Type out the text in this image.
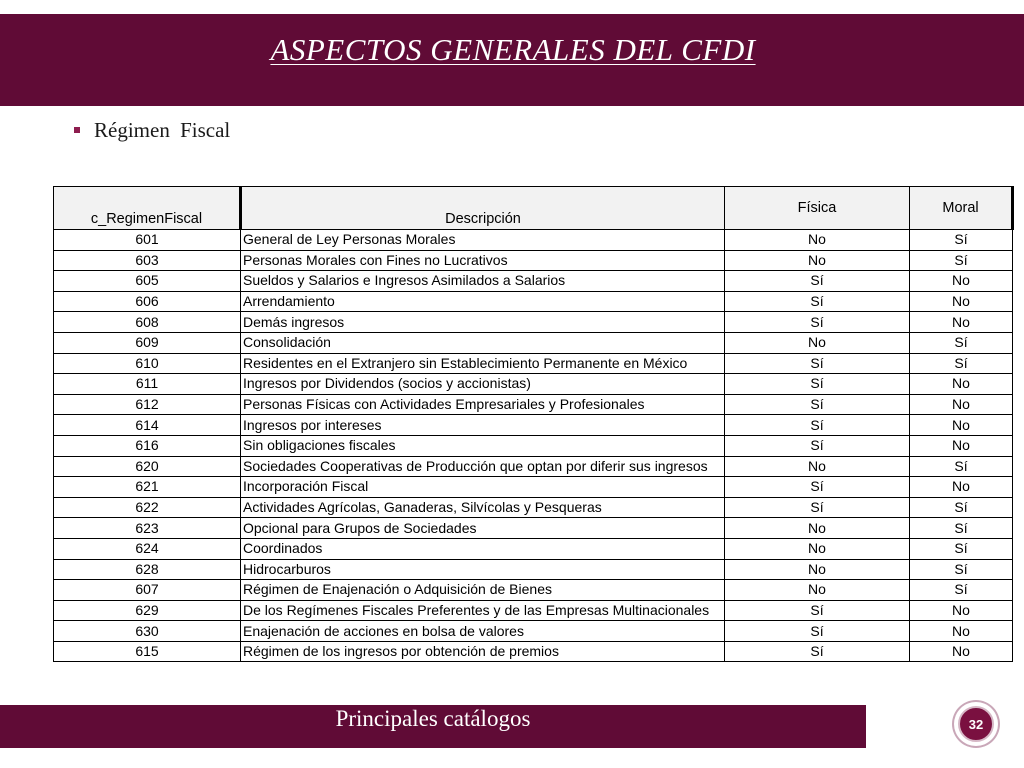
ASPECTOS GENERALES DEL CFDI
Régimen Fiscal
c_RegimenFiscal	Descripción	Física	Moral
601	General de Ley Personas Morales	No	Sí
603	Personas Morales con Fines no Lucrativos	No	Sí
605	Sueldos y Salarios e Ingresos Asimilados a Salarios	Sí	No
606	Arrendamiento	Sí	No
608	Demás ingresos	Sí	No
609	Consolidación	No	Sí
610	Residentes en el Extranjero sin Establecimiento Permanente en México	Sí	Sí
611	Ingresos por Dividendos (socios y accionistas)	Sí	No
612	Personas Físicas con Actividades Empresariales y Profesionales	Sí	No
614	Ingresos por intereses	Sí	No
616	Sin obligaciones fiscales	Sí	No
620	Sociedades Cooperativas de Producción que optan por diferir sus ingresos	No	Sí
621	Incorporación Fiscal	Sí	No
622	Actividades Agrícolas, Ganaderas, Silvícolas y Pesqueras	Sí	Sí
623	Opcional para Grupos de Sociedades	No	Sí
624	Coordinados	No	Sí
628	Hidrocarburos	No	Sí
607	Régimen de Enajenación o Adquisición de Bienes	No	Sí
629	De los Regímenes Fiscales Preferentes y de las Empresas Multinacionales	Sí	No
630	Enajenación de acciones en bolsa de valores	Sí	No
615	Régimen de los ingresos por obtención de premios	Sí	No
Principales catálogos	32
